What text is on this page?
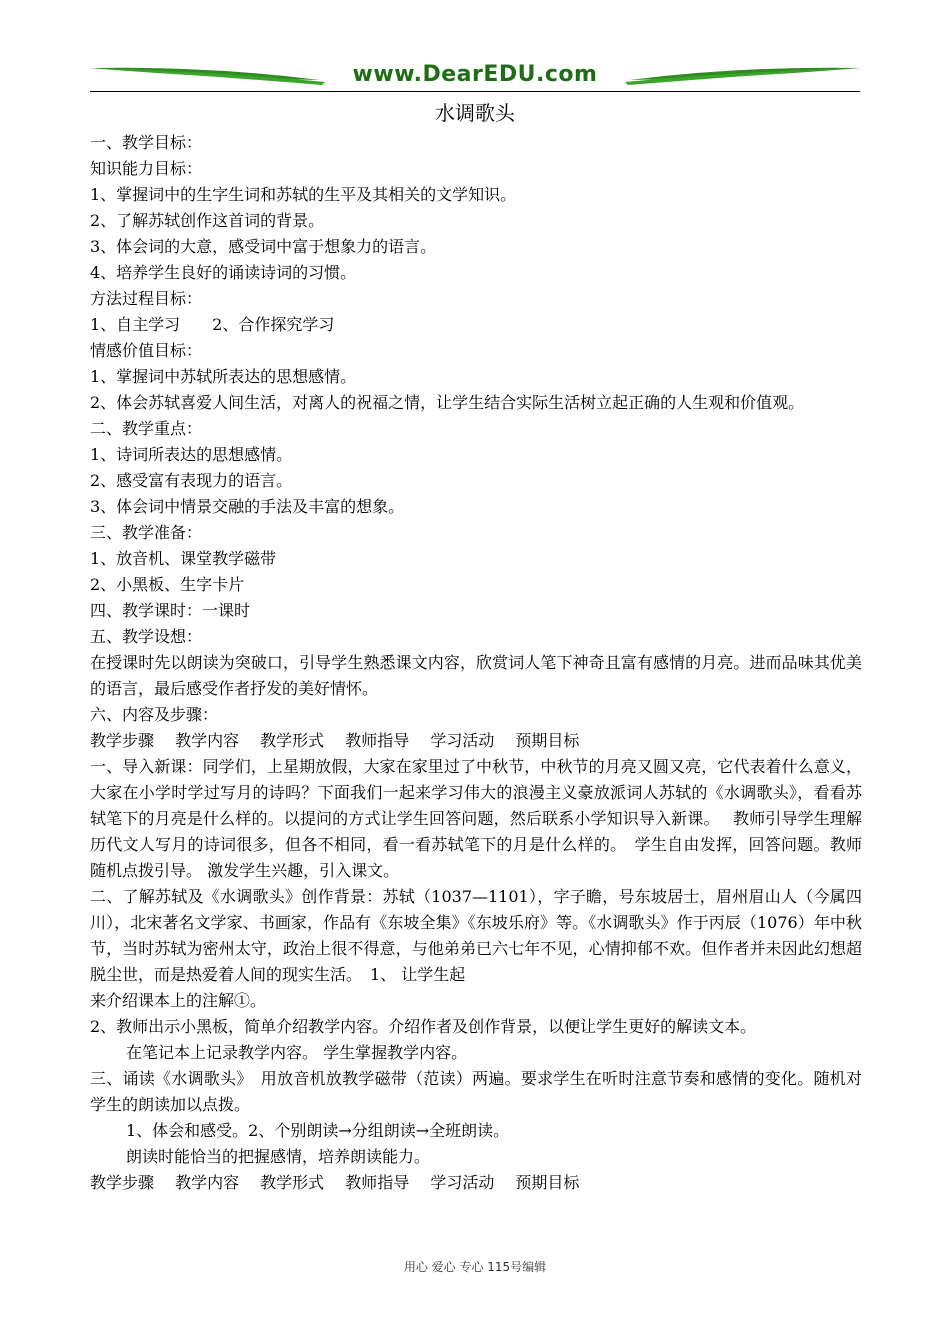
www.DearEDU.com
水调歌头

一、教学目标：

知识能力目标：

1、掌握词中的生字生词和苏轼的生平及其相关的文学知识。

2、了解苏轼创作这首词的背景。

3、体会词的大意，感受词中富于想象力的语言。

4、培养学生良好的诵读诗词的习惯。

方法过程目标：

1、自主学习　　2、合作探究学习

情感价值目标：

1、掌握词中苏轼所表达的思想感情。

2、体会苏轼喜爱人间生活，对离人的祝福之情，让学生结合实际生活树立起正确的人生观和价值观。

二、教学重点：

1、诗词所表达的思想感情。

2、感受富有表现力的语言。

3、体会词中情景交融的手法及丰富的想象。

三、教学准备：

1、放音机、课堂教学磁带

2、小黑板、生字卡片

四、教学课时：一课时

五、教学设想：

在授课时先以朗读为突破口，引导学生熟悉课文内容，欣赏词人笔下神奇且富有感情的月亮。进而品味其优美的语言，最后感受作者抒发的美好情怀。

六、内容及步骤：

教学步骤　 教学内容　 教学形式　 教师指导　 学习活动　 预期目标

一、导入新课：同学们，上星期放假，大家在家里过了中秋节，中秋节的月亮又圆又亮，它代表着什么意义，大家在小学时学过写月的诗吗？下面我们一起来学习伟大的浪漫主义豪放派词人苏轼的《水调歌头》，看看苏轼笔下的月亮是什么样的。以提问的方式让学生回答问题，然后联系小学知识导入新课。　 教师引导学生理解历代文人写月的诗词很多，但各不相同，看一看苏轼笔下的月是什么样的。　学生自由发挥，回答问题。教师随机点拨引导。 激发学生兴趣，引入课文。

二、了解苏轼及《水调歌头》创作背景：苏轼（1037—1101），字子瞻，号东坡居士，眉州眉山人（今属四川），北宋著名文学家、书画家，作品有《东坡全集》《东坡乐府》等。《水调歌头》作于丙辰（1076）年中秋节，当时苏轼为密州太守，政治上很不得意，与他弟弟已六七年不见，心情抑郁不欢。但作者并未因此幻想超脱尘世，而是热爱着人间的现实生活。　1、 让学生起

来介绍课本上的注解①。

2、教师出示小黑板，简单介绍教学内容。介绍作者及创作背景，以便让学生更好的解读文本。

在笔记本上记录教学内容。 学生掌握教学内容。

三、诵读《水调歌头》　用放音机放教学磁带（范读）两遍。要求学生在听时注意节奏和感情的变化。随机对学生的朗读加以点拨。

1、体会和感受。2、个别朗读→分组朗读→全班朗读。

朗读时能恰当的把握感情，培养朗读能力。

教学步骤　 教学内容　 教学形式　 教师指导　 学习活动　 预期目标

用心 爱心 专心 115号编辑
